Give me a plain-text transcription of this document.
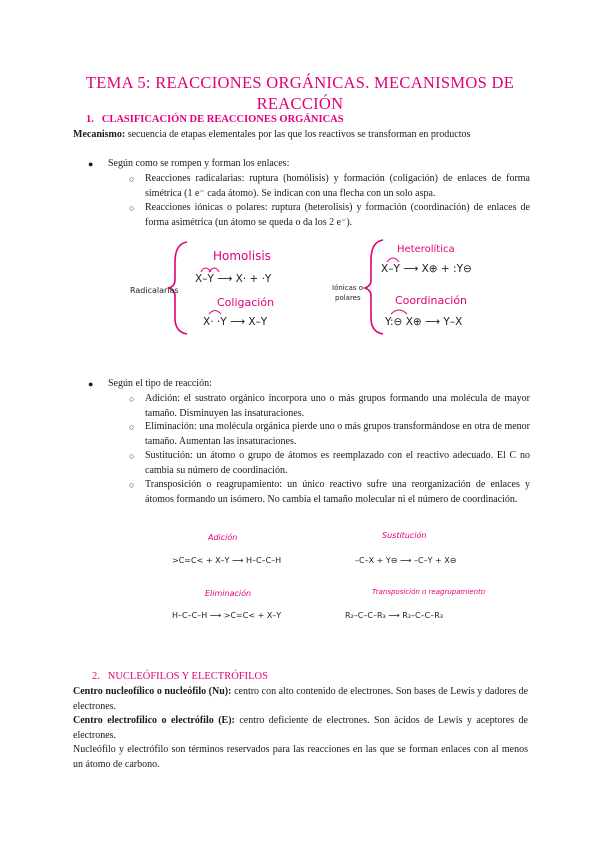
TEMA 5: REACCIONES ORGÁNICAS. MECANISMOS DE REACCIÓN
1. CLASIFICACIÓN DE REACCIONES ORGÁNICAS
Mecanismo: secuencia de etapas elementales por las que los reactivos se transforman en productos
● Según como se rompen y forman los enlaces:
○ Reacciones radicalarias: ruptura (homólisis) y formación (coligación) de enlaces de forma simétrica (1 e⁻ cada átomo). Se indican con una flecha con un solo aspa.
○ Reacciones iónicas o polares: ruptura (heterolisis) y formación (coordinación) de enlaces de forma asimétrica (un átomo se queda o da los 2 e⁻).
Radicalarias
Homolisis
X–Y ⟶ X· + ·Y
Coligación
X· ·Y ⟶ X–Y
Iónicas o polares
Heterolítica
X–Y ⟶ X⊕ + :Y⊖
Coordinación
Y:⊖ X⊕ ⟶ Y–X
● Según el tipo de reacción:
○ Adición: el sustrato orgánico incorpora uno o más grupos formando una molécula de mayor tamaño. Disminuyen las insaturaciones.
○ Eliminación: una molécula orgánica pierde uno o más grupos transformándose en otra de menor tamaño. Aumentan las insaturaciones.
○ Sustitución: un átomo o grupo de átomos es reemplazado con el reactivo adecuado. El C no cambia su número de coordinación.
○ Transposición o reagrupamiento: un único reactivo sufre una reorganización de enlaces y átomos formando un isómero. No cambia el tamaño molecular ni el número de coordinación.
Adición
>C=C< + X–Y ⟶ H–C–C–H
Sustitución
–C–X + Y⊖ ⟶ –C–Y + X⊖
Eliminación
H–C–C–H ⟶ >C=C< + X–Y
Transposición o reagrupamiento
R₂–C–C–R₃ ⟶ R₂–C–C–R₃
2. NUCLEÓFILOS Y ELECTRÓFILOS
Centro nucleofílico o nucleófilo (Nu): centro con alto contenido de electrones. Son bases de Lewis y dadores de electrones.
Centro electrofílico o electrófilo (E): centro deficiente de electrones. Son ácidos de Lewis y aceptores de electrones.
Nucleófilo y electrófilo son términos reservados para las reacciones en las que se forman enlaces con al menos un átomo de carbono.
